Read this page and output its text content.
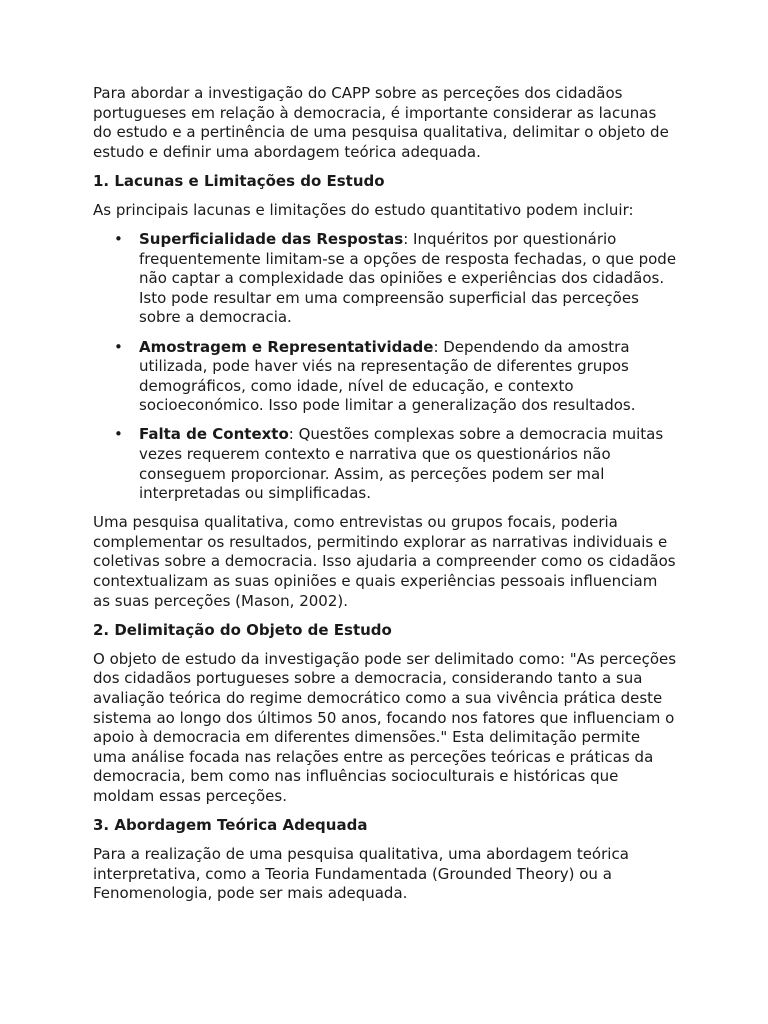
Para abordar a investigação do CAPP sobre as perceções dos cidadãos portugueses em relação à democracia, é importante considerar as lacunas do estudo e a pertinência de uma pesquisa qualitativa, delimitar o objeto de estudo e definir uma abordagem teórica adequada.

1. Lacunas e Limitações do Estudo

As principais lacunas e limitações do estudo quantitativo podem incluir:

• Superficialidade das Respostas: Inquéritos por questionário frequentemente limitam-se a opções de resposta fechadas, o que pode não captar a complexidade das opiniões e experiências dos cidadãos. Isto pode resultar em uma compreensão superficial das perceções sobre a democracia.
• Amostragem e Representatividade: Dependendo da amostra utilizada, pode haver viés na representação de diferentes grupos demográficos, como idade, nível de educação, e contexto socioeconómico. Isso pode limitar a generalização dos resultados.
• Falta de Contexto: Questões complexas sobre a democracia muitas vezes requerem contexto e narrativa que os questionários não conseguem proporcionar. Assim, as perceções podem ser mal interpretadas ou simplificadas.

Uma pesquisa qualitativa, como entrevistas ou grupos focais, poderia complementar os resultados, permitindo explorar as narrativas individuais e coletivas sobre a democracia. Isso ajudaria a compreender como os cidadãos contextualizam as suas opiniões e quais experiências pessoais influenciam as suas perceções (Mason, 2002).

2. Delimitação do Objeto de Estudo

O objeto de estudo da investigação pode ser delimitado como: "As perceções dos cidadãos portugueses sobre a democracia, considerando tanto a sua avaliação teórica do regime democrático como a sua vivência prática deste sistema ao longo dos últimos 50 anos, focando nos fatores que influenciam o apoio à democracia em diferentes dimensões." Esta delimitação permite uma análise focada nas relações entre as perceções teóricas e práticas da democracia, bem como nas influências socioculturais e históricas que moldam essas perceções.

3. Abordagem Teórica Adequada

Para a realização de uma pesquisa qualitativa, uma abordagem teórica interpretativa, como a Teoria Fundamentada (Grounded Theory) ou a Fenomenologia, pode ser mais adequada.
